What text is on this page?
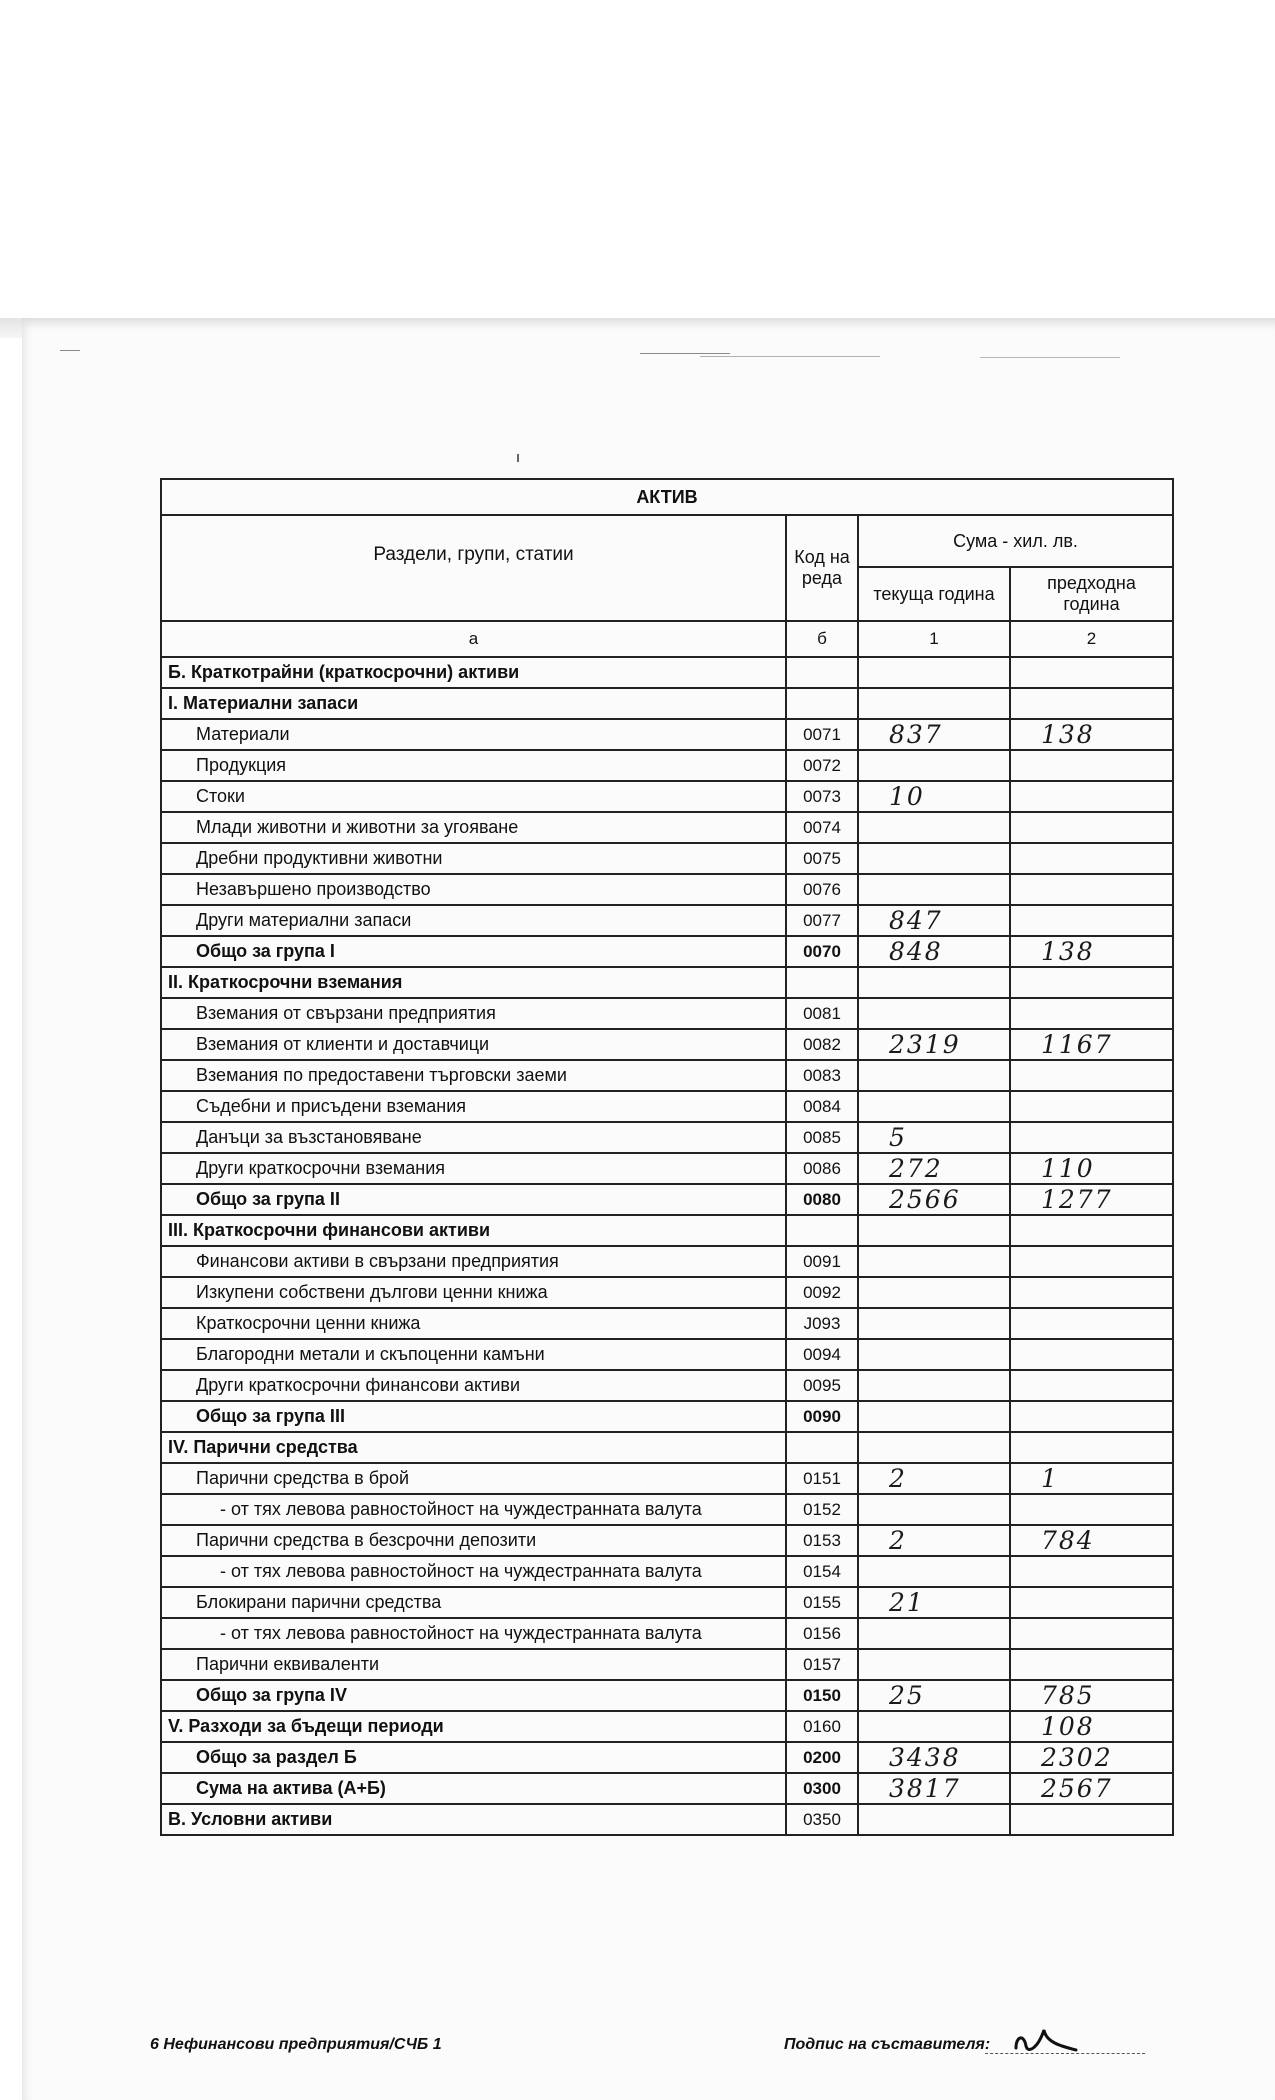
АКТИВ			
Раздели, групи, статии	Код на реда	Сума - хил. лв.	
		текуща година	предходна година
а	б	1	2
Б. Краткотрайни (краткосрочни) активи			
I. Материални запаси			
Материали	0071	837	138
Продукция	0072		
Стоки	0073	10	
Млади животни и животни за угояване	0074		
Дребни продуктивни животни	0075		
Незавършено производство	0076		
Други материални запаси	0077	847	
Общо за група I	0070	848	138
II. Краткосрочни вземания			
Вземания от свързани предприятия	0081		
Вземания от клиенти и доставчици	0082	2319	1167
Вземания по предоставени търговски заеми	0083		
Съдебни и присъдени вземания	0084		
Данъци за възстановяване	0085	5	
Други краткосрочни вземания	0086	272	110
Общо за група II	0080	2566	1277
III. Краткосрочни финансови активи			
Финансови активи в свързани предприятия	0091		
Изкупени собствени дългови ценни книжа	0092		
Краткосрочни ценни книжа	J093		
Благородни метали и скъпоценни камъни	0094		
Други краткосрочни финансови активи	0095		
Общо за група III	0090		
IV. Парични средства			
Парични средства в брой	0151	2	1
- от тях левова равностойност на чуждестранната валута	0152		
Парични средства в безсрочни депозити	0153	2	784
- от тях левова равностойност на чуждестранната валута	0154		
Блокирани парични средства	0155	21	
- от тях левова равностойност на чуждестранната валута	0156		
Парични еквиваленти	0157		
Общо за група IV	0150	25	785
V. Разходи за бъдещи периоди	0160		108
Общо за раздел Б	0200	3438	2302
Сума на актива (А+Б)	0300	3817	2567
В. Условни активи	0350		
6 Нефинансови предприятия/СЧБ 1	Подпис на съставителя:
